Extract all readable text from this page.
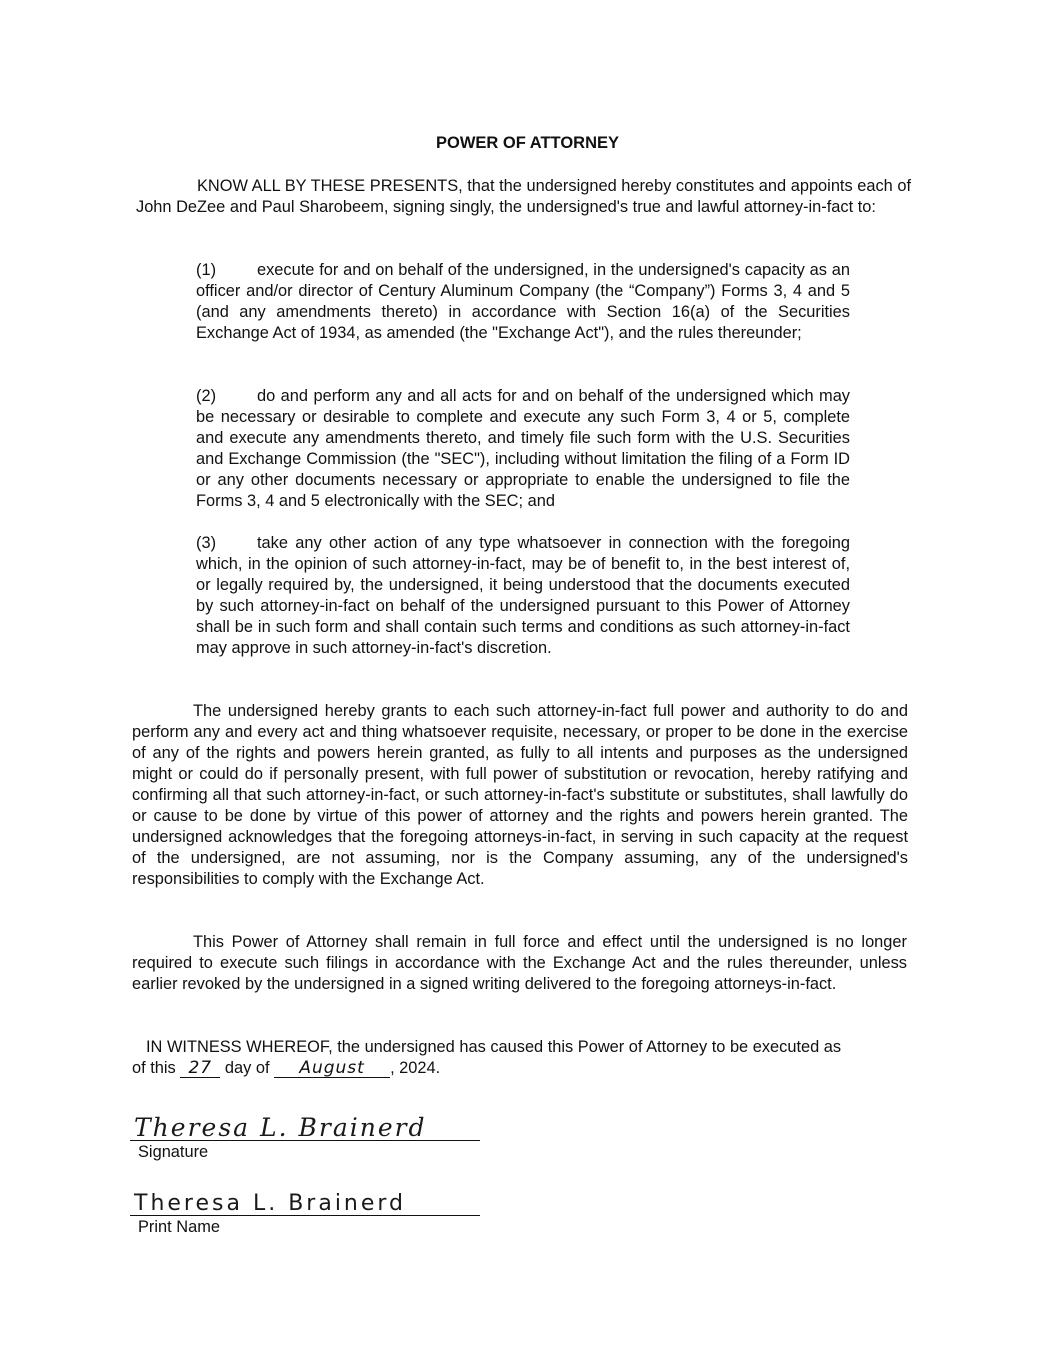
POWER OF ATTORNEY

KNOW ALL BY THESE PRESENTS, that the undersigned hereby constitutes and appoints each of John DeZee and Paul Sharobeem, signing singly, the undersigned's true and lawful attorney-in-fact to:

(1) execute for and on behalf of the undersigned, in the undersigned's capacity as an officer and/or director of Century Aluminum Company (the “Company”) Forms 3, 4 and 5 (and any amendments thereto) in accordance with Section 16(a) of the Securities Exchange Act of 1934, as amended (the "Exchange Act"), and the rules thereunder;

(2) do and perform any and all acts for and on behalf of the undersigned which may be necessary or desirable to complete and execute any such Form 3, 4 or 5, complete and execute any amendments thereto, and timely file such form with the U.S. Securities and Exchange Commission (the "SEC"), including without limitation the filing of a Form ID or any other documents necessary or appropriate to enable the undersigned to file the Forms 3, 4 and 5 electronically with the SEC; and

(3) take any other action of any type whatsoever in connection with the foregoing which, in the opinion of such attorney-in-fact, may be of benefit to, in the best interest of, or legally required by, the undersigned, it being understood that the documents executed by such attorney-in-fact on behalf of the undersigned pursuant to this Power of Attorney shall be in such form and shall contain such terms and conditions as such attorney-in-fact may approve in such attorney-in-fact's discretion.

The undersigned hereby grants to each such attorney-in-fact full power and authority to do and perform any and every act and thing whatsoever requisite, necessary, or proper to be done in the exercise of any of the rights and powers herein granted, as fully to all intents and purposes as the undersigned might or could do if personally present, with full power of substitution or revocation, hereby ratifying and confirming all that such attorney-in-fact, or such attorney-in-fact's substitute or substitutes, shall lawfully do or cause to be done by virtue of this power of attorney and the rights and powers herein granted. The undersigned acknowledges that the foregoing attorneys-in-fact, in serving in such capacity at the request of the undersigned, are not assuming, nor is the Company assuming, any of the undersigned's responsibilities to comply with the Exchange Act.

This Power of Attorney shall remain in full force and effect until the undersigned is no longer required to execute such filings in accordance with the Exchange Act and the rules thereunder, unless earlier revoked by the undersigned in a signed writing delivered to the foregoing attorneys-in-fact.

IN WITNESS WHEREOF, the undersigned has caused this Power of Attorney to be executed as
of this 27 day of August , 2024.
Theresa L. Brainerd
Signature
Theresa L. Brainerd
Print Name
